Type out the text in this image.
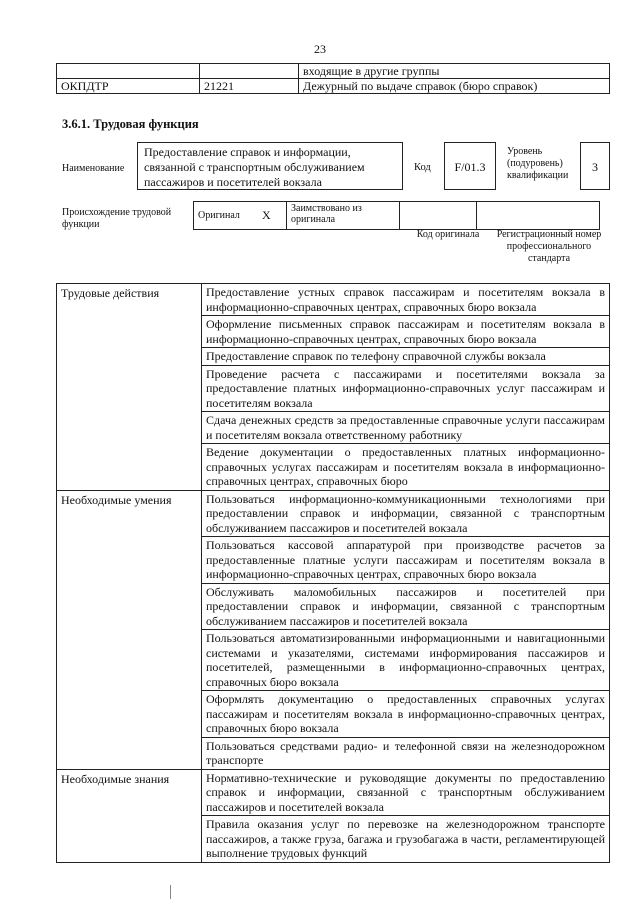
23
		входящие в другие группы
ОКПДТР	21221	Дежурный по выдаче справок (бюро справок)
3.6.1. Трудовая функция
Наименование
Предоставление справок и информации, связанной с транспортным обслуживанием пассажиров и посетителей вокзала
Код	F/01.3
Уровень (подуровень) квалификации
3
Происхождение трудовой функции
Оригинал	X	Заимствовано из оригинала		
Код оригинала	Регистрационный номер профессионального стандарта
Трудовые действия	Предоставление устных справок пассажирам и посетителям вокзала в информационно-справочных центрах, справочных бюро вокзала
	Оформление письменных справок пассажирам и посетителям вокзала в информационно-справочных центрах, справочных бюро вокзала
	Предоставление справок по телефону справочной службы вокзала
	Проведение расчета с пассажирами и посетителями вокзала за предоставление платных информационно-справочных услуг пассажирам и посетителям вокзала
	Сдача денежных средств за предоставленные справочные услуги пассажирам и посетителям вокзала ответственному работнику
	Ведение документации о предоставленных платных информационно-справочных услугах пассажирам и посетителям вокзала в информационно-справочных центрах, справочных бюро
Необходимые умения	Пользоваться информационно-коммуникационными технологиями при предоставлении справок и информации, связанной с транспортным обслуживанием пассажиров и посетителей вокзала
	Пользоваться кассовой аппаратурой при производстве расчетов за предоставленные платные услуги пассажирам и посетителям вокзала в информационно-справочных центрах, справочных бюро вокзала
	Обслуживать маломобильных пассажиров и посетителей при предоставлении справок и информации, связанной с транспортным обслуживанием пассажиров и посетителей вокзала
	Пользоваться автоматизированными информационными и навигационными системами и указателями, системами информирования пассажиров и посетителей, размещенными в информационно-справочных центрах, справочных бюро вокзала
	Оформлять документацию о предоставленных справочных услугах пассажирам и посетителям вокзала в информационно-справочных центрах, справочных бюро вокзала
	Пользоваться средствами радио- и телефонной связи на железнодорожном транспорте
Необходимые знания	Нормативно-технические и руководящие документы по предоставлению справок и информации, связанной с транспортным обслуживанием пассажиров и посетителей вокзала
	Правила оказания услуг по перевозке на железнодорожном транспорте пассажиров, а также груза, багажа и грузобагажа в части, регламентирующей выполнение трудовых функций
